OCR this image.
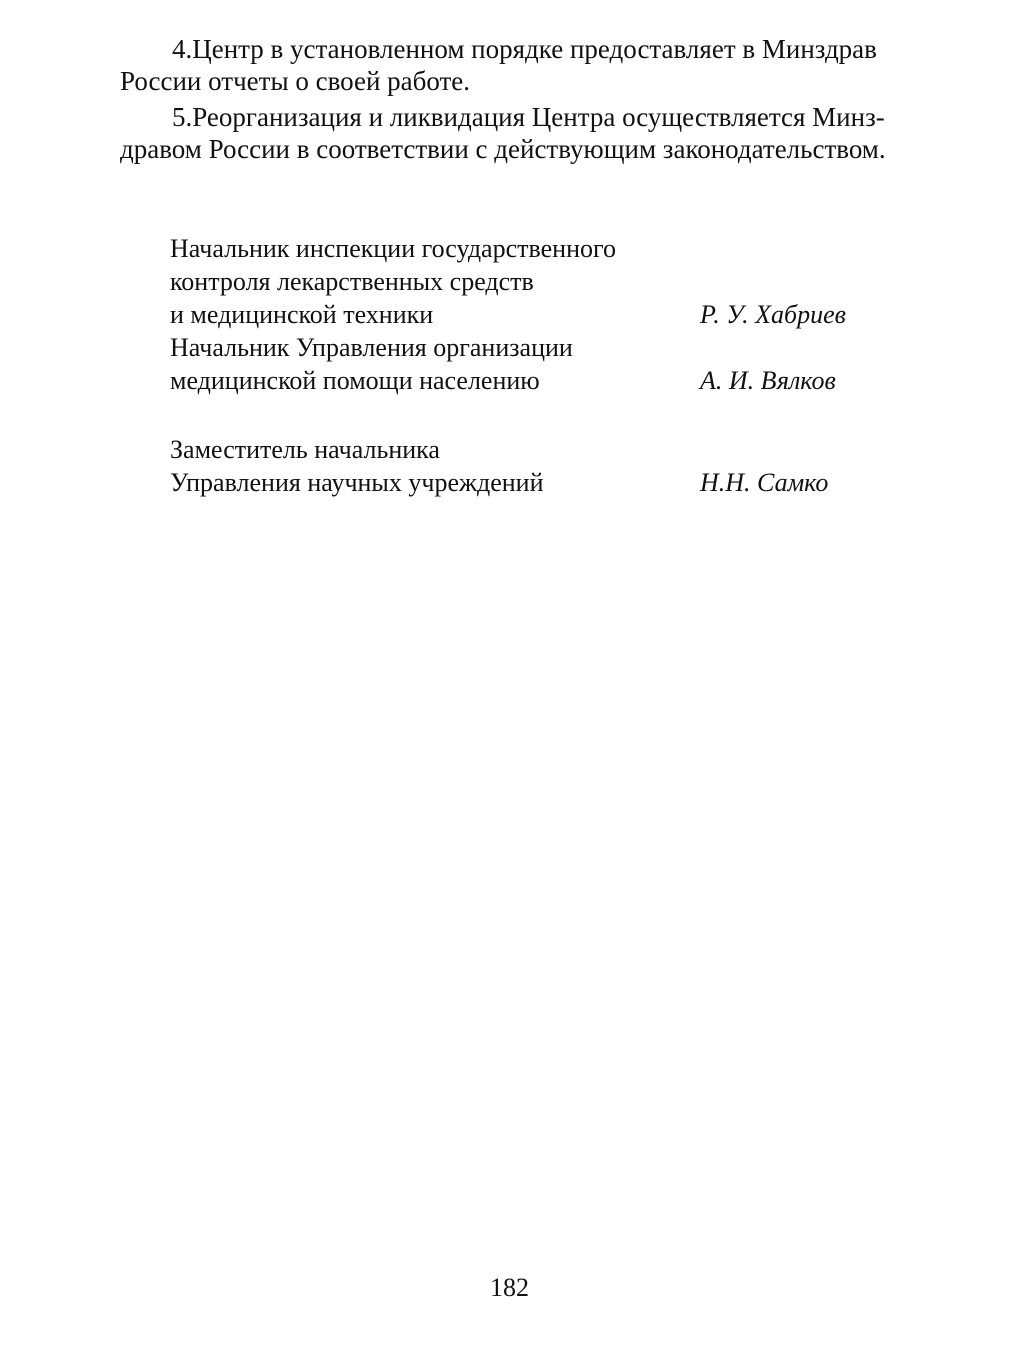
4.Центр в установленном порядке предоставляет в Минздрав
России отчеты о своей работе.

5.Реорганизация и ликвидация Центра осуществляется Минз-
дравом России в соответствии с действующим законодательством.

Начальник инспекции государственного
контроля лекарственных средств
и медицинской техники	Р. У. Хабриев
Начальник Управления организации
медицинской помощи населению	А. И. Вялков
Заместитель начальника
Управления научных учреждений	Н.Н. Самко
182
